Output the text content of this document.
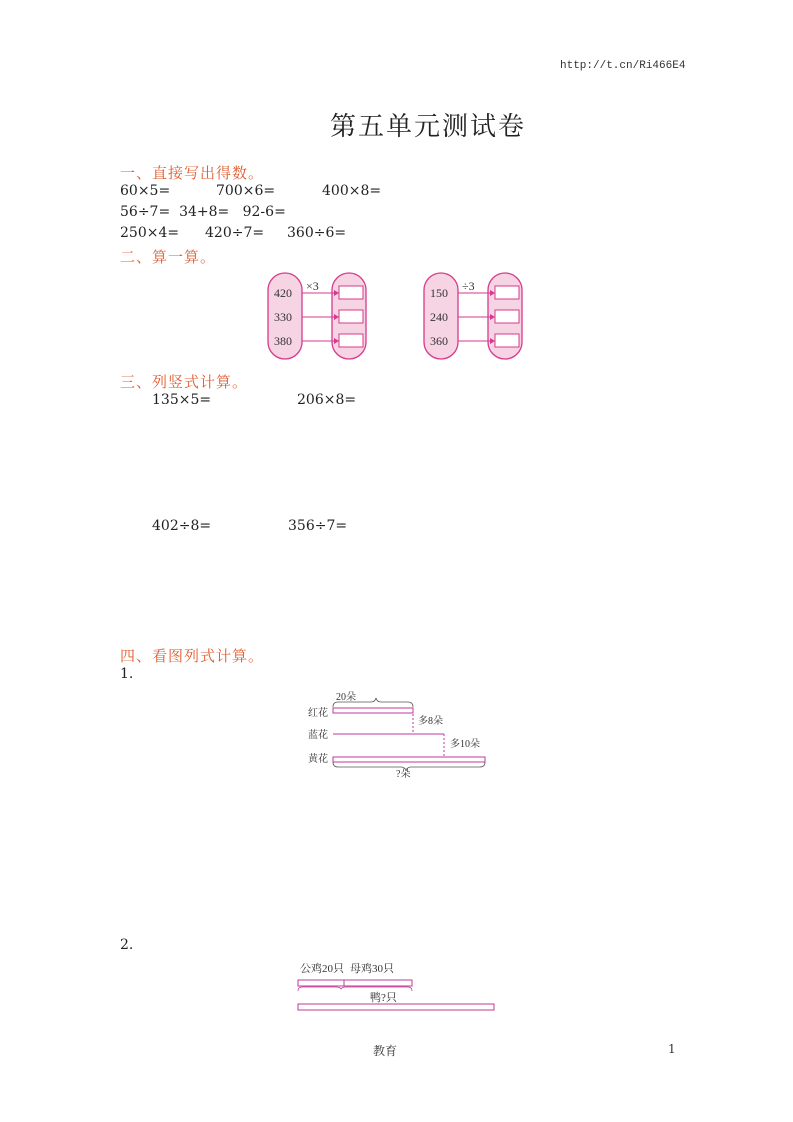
http://t.cn/Ri466E4
第五单元测试卷
一、直接写出得数。
60×5=	700×6=	400×8=
56÷7=  34+8=   92-6=
250×4= 420÷7= 360÷6=
二、算一算。
420
330
380
×3	150
240
360
÷3
三、列竖式计算。
135×5=	206×8=
402÷8=	356÷7=
四、看图列式计算。
1.
20朵
红花
蓝花
黄花
多8朵
多10朵
?朵
2.
公鸡20只 母鸡30只
鸭?只
教育	1
